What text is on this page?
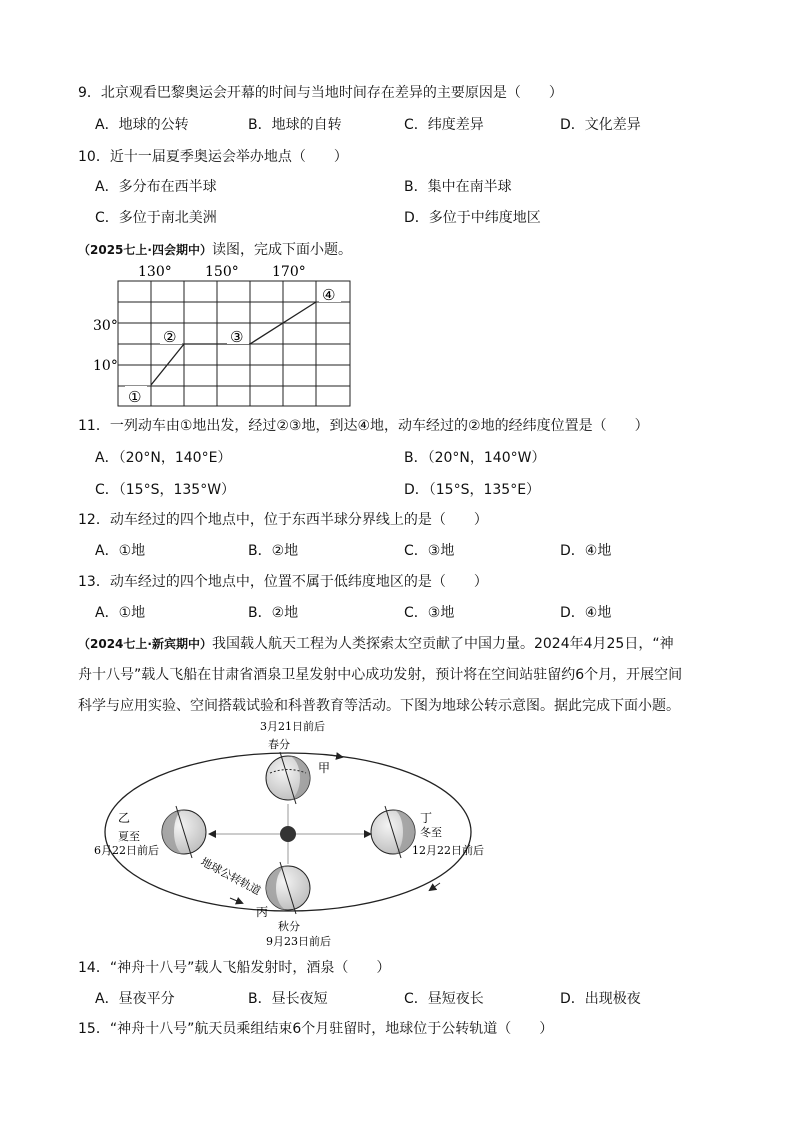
9．北京观看巴黎奥运会开幕的时间与当地时间存在差异的主要原因是（　　）
A．地球的公转	B．地球的自转	C．纬度差异	D．文化差异
10．近十一届夏季奥运会举办地点（　　）
A．多分布在西半球	B．集中在南半球
C．多位于南北美洲	D．多位于中纬度地区
（2025七上·四会期中）读图，完成下面小题。
130° 150° 170°
30°
10°
①
②	③
④
11．一列动车由①地出发，经过②③地，到达④地，动车经过的②地的经纬度位置是（　　）
A．（20°N，140°E）	B．（20°N，140°W）
C．（15°S，135°W）	D．（15°S，135°E）
12．动车经过的四个地点中，位于东西半球分界线上的是（　　）
A．①地	B．②地	C．③地	D．④地
13．动车经过的四个地点中，位置不属于低纬度地区的是（　　）
A．①地	B．②地	C．③地	D．④地
（2024七上·新宾期中）我国载人航天工程为人类探索太空贡献了中国力量。2024年4月25日，“神
舟十八号”载人飞船在甘肃省酒泉卫星发射中心成功发射，预计将在空间站驻留约6个月，开展空间
科学与应用实验、空间搭载试验和科普教育等活动。下图为地球公转示意图。据此完成下面小题。
3月21日前后
春分
甲
乙
夏至
6月22日前后
丁
冬至
12月22日前后
丙
秋分
9月23日前后
地球公转轨道
14．“神舟十八号”载人飞船发射时，酒泉（　　）
A．昼夜平分	B．昼长夜短	C．昼短夜长	D．出现极夜
15．“神舟十八号”航天员乘组结束6个月驻留时，地球位于公转轨道（　　）
